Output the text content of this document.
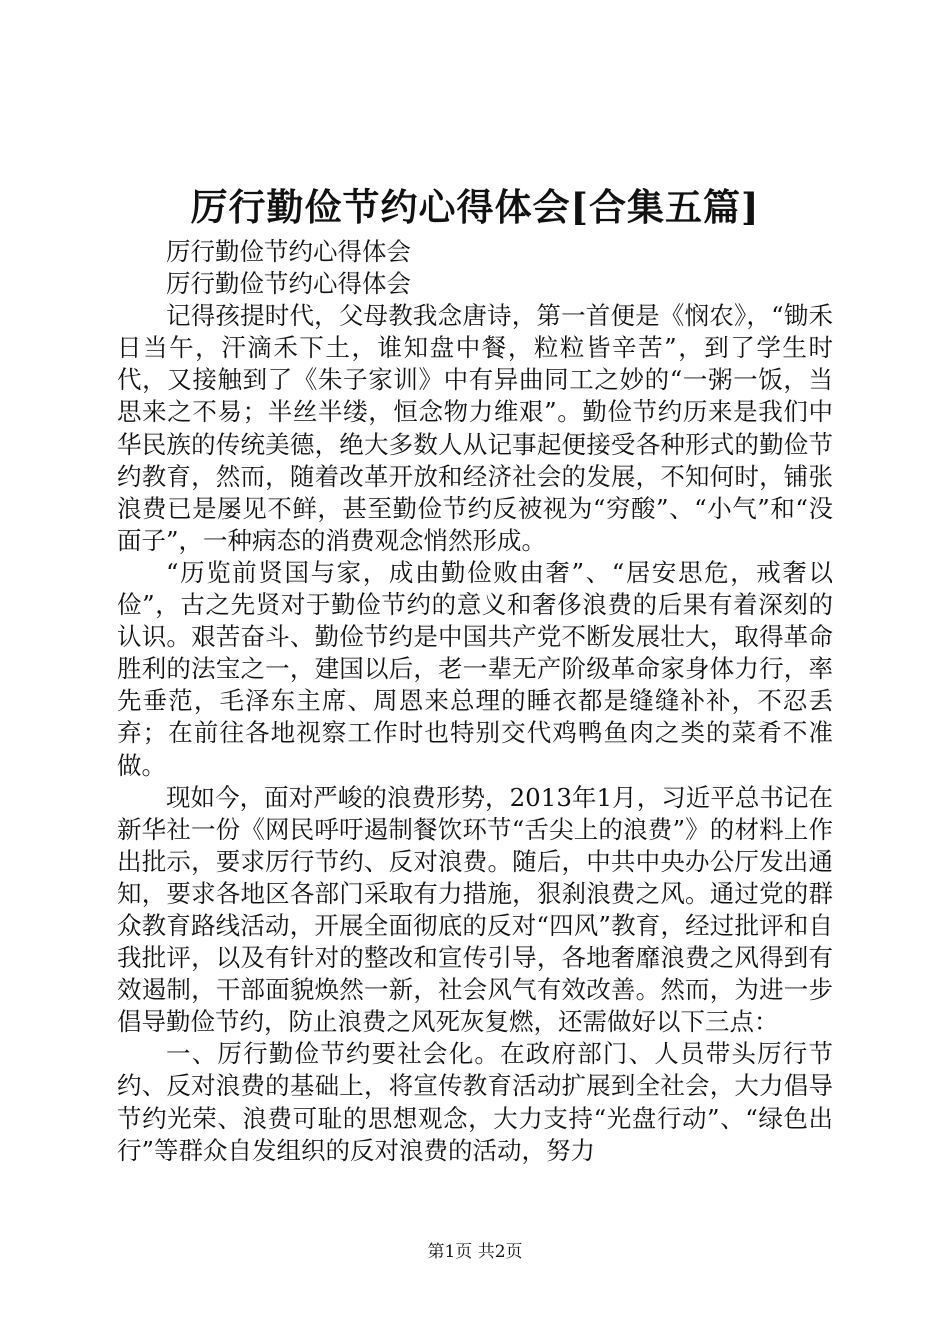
厉行勤俭节约心得体会[合集五篇]

厉行勤俭节约心得体会

厉行勤俭节约心得体会

记得孩提时代，父母教我念唐诗，第一首便是《悯农》，“锄禾日当午，汗滴禾下土，谁知盘中餐，粒粒皆辛苦”，到了学生时代，又接触到了《朱子家训》中有异曲同工之妙的“一粥一饭，当思来之不易；半丝半缕，恒念物力维艰”。勤俭节约历来是我们中华民族的传统美德，绝大多数人从记事起便接受各种形式的勤俭节约教育，然而，随着改革开放和经济社会的发展，不知何时，铺张浪费已是屡见不鲜，甚至勤俭节约反被视为“穷酸”、“小气”和“没面子”，一种病态的消费观念悄然形成。

“历览前贤国与家，成由勤俭败由奢”、“居安思危，戒奢以俭”，古之先贤对于勤俭节约的意义和奢侈浪费的后果有着深刻的认识。艰苦奋斗、勤俭节约是中国共产党不断发展壮大，取得革命胜利的法宝之一，建国以后，老一辈无产阶级革命家身体力行，率先垂范，毛泽东主席、周恩来总理的睡衣都是缝缝补补，不忍丢弃；在前往各地视察工作时也特别交代鸡鸭鱼肉之类的菜肴不准做。

现如今，面对严峻的浪费形势，2013年1月，习近平总书记在新华社一份《网民呼吁遏制餐饮环节“舌尖上的浪费”》的材料上作出批示，要求厉行节约、反对浪费。随后，中共中央办公厅发出通知，要求各地区各部门采取有力措施，狠刹浪费之风。通过党的群众教育路线活动，开展全面彻底的反对“四风”教育，经过批评和自我批评，以及有针对的整改和宣传引导，各地奢靡浪费之风得到有效遏制，干部面貌焕然一新，社会风气有效改善。然而，为进一步倡导勤俭节约，防止浪费之风死灰复燃，还需做好以下三点：

一、厉行勤俭节约要社会化。在政府部门、人员带头厉行节约、反对浪费的基础上，将宣传教育活动扩展到全社会，大力倡导节约光荣、浪费可耻的思想观念，大力支持“光盘行动”、“绿色出行”等群众自发组织的反对浪费的活动，努力

第1页 共2页
